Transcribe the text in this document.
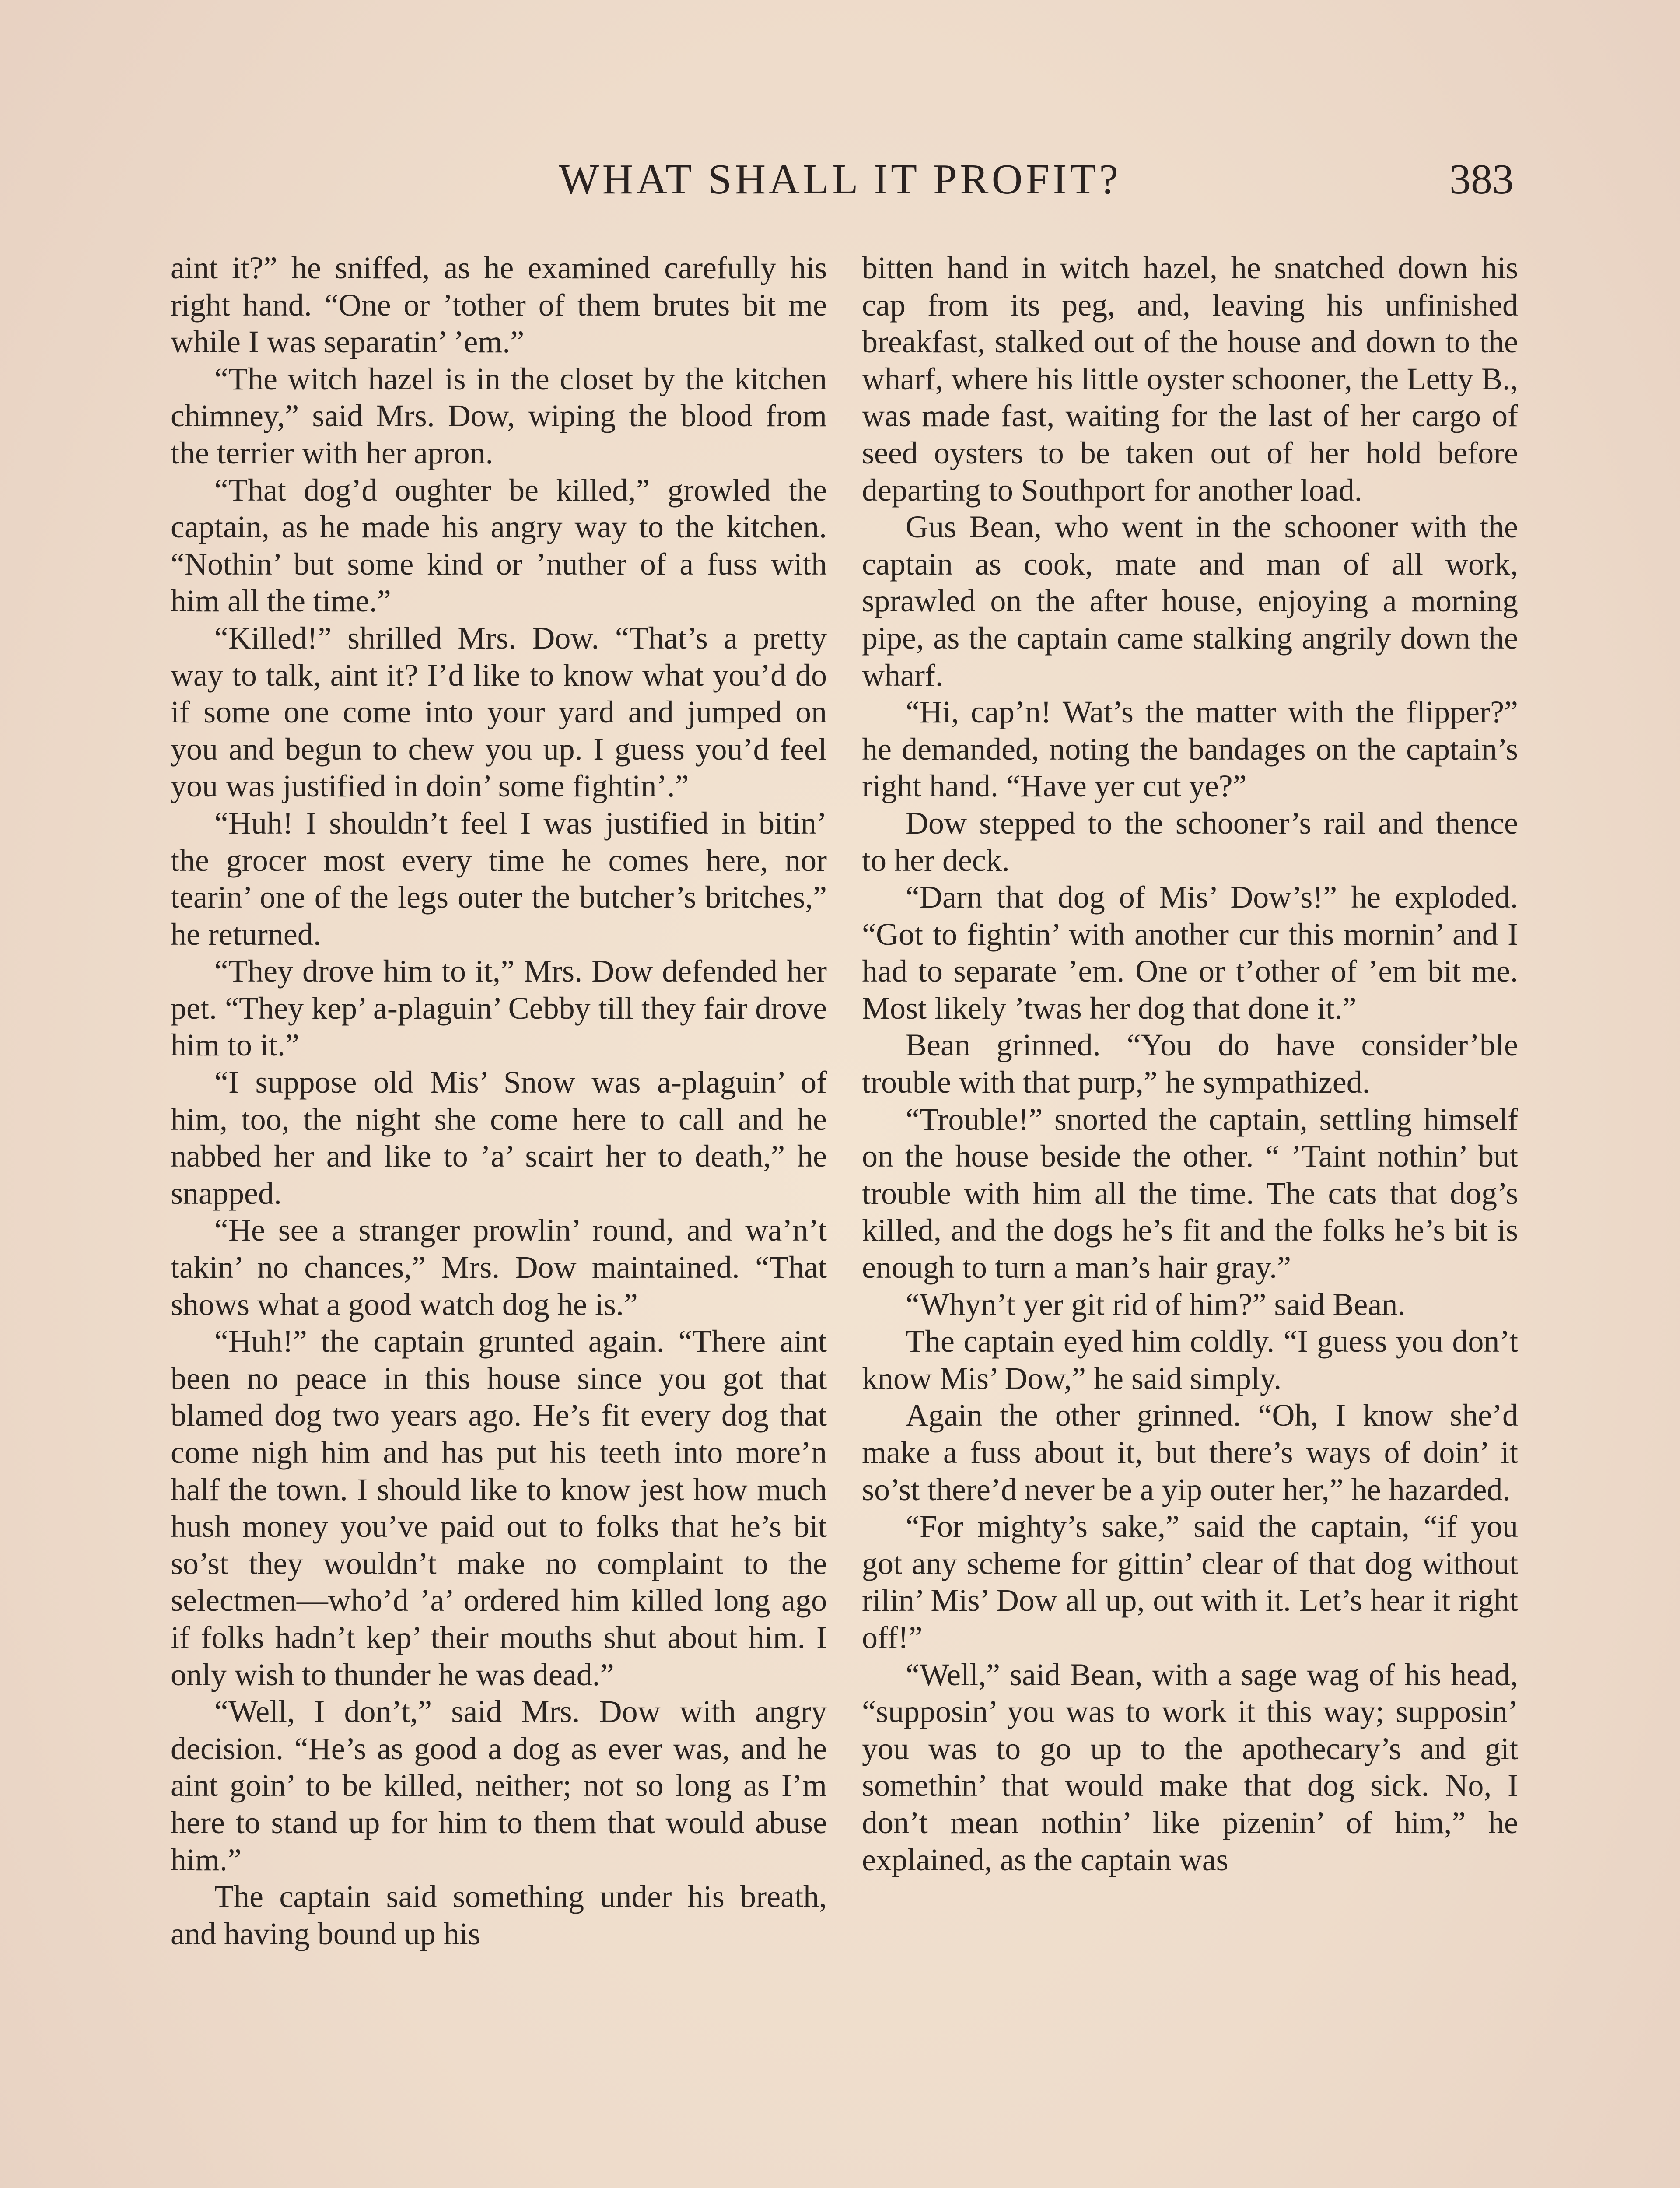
WHAT SHALL IT PROFIT?	383

aint it?” he sniffed, as he examined carefully his right hand. “One or ’tother of them brutes bit me while I was separatin’ ’em.”

“The witch hazel is in the closet by the kitchen chimney,” said Mrs. Dow, wiping the blood from the terrier with her apron.

“That dog’d oughter be killed,” growled the captain, as he made his angry way to the kitchen. “Nothin’ but some kind or ’nuther of a fuss with him all the time.”

“Killed!” shrilled Mrs. Dow. “That’s a pretty way to talk, aint it? I’d like to know what you’d do if some one come into your yard and jumped on you and begun to chew you up. I guess you’d feel you was justified in doin’ some fightin’.”

“Huh! I shouldn’t feel I was justified in bitin’ the grocer most every time he comes here, nor tearin’ one of the legs outer the butcher’s britches,” he returned.

“They drove him to it,” Mrs. Dow defended her pet. “They kep’ a-plaguin’ Cebby till they fair drove him to it.”

“I suppose old Mis’ Snow was a-plaguin’ of him, too, the night she come here to call and he nabbed her and like to ’a’ scairt her to death,” he snapped.

“He see a stranger prowlin’ round, and wa’n’t takin’ no chances,” Mrs. Dow maintained. “That shows what a good watch dog he is.”

“Huh!” the captain grunted again. “There aint been no peace in this house since you got that blamed dog two years ago. He’s fit every dog that come nigh him and has put his teeth into more’n half the town. I should like to know jest how much hush money you’ve paid out to folks that he’s bit so’st they wouldn’t make no complaint to the selectmen—who’d ’a’ ordered him killed long ago if folks hadn’t kep’ their mouths shut about him. I only wish to thunder he was dead.”

“Well, I don’t,” said Mrs. Dow with angry decision. “He’s as good a dog as ever was, and he aint goin’ to be killed, neither; not so long as I’m here to stand up for him to them that would abuse him.”

The captain said something under his breath, and having bound up his

bitten hand in witch hazel, he snatched down his cap from its peg, and, leaving his unfinished breakfast, stalked out of the house and down to the wharf, where his little oyster schooner, the Letty B., was made fast, waiting for the last of her cargo of seed oysters to be taken out of her hold before departing to Southport for another load.

Gus Bean, who went in the schooner with the captain as cook, mate and man of all work, sprawled on the after house, enjoying a morning pipe, as the captain came stalking angrily down the wharf.

“Hi, cap’n! Wat’s the matter with the flipper?” he demanded, noting the bandages on the captain’s right hand. “Have yer cut ye?”

Dow stepped to the schooner’s rail and thence to her deck.

“Darn that dog of Mis’ Dow’s!” he exploded. “Got to fightin’ with another cur this mornin’ and I had to separate ’em. One or t’other of ’em bit me. Most likely ’twas her dog that done it.”

Bean grinned. “You do have consider’ble trouble with that purp,” he sympathized.

“Trouble!” snorted the captain, settling himself on the house beside the other. “ ’Taint nothin’ but trouble with him all the time. The cats that dog’s killed, and the dogs he’s fit and the folks he’s bit is enough to turn a man’s hair gray.”

“Whyn’t yer git rid of him?” said Bean.

The captain eyed him coldly. “I guess you don’t know Mis’ Dow,” he said simply.

Again the other grinned. “Oh, I know she’d make a fuss about it, but there’s ways of doin’ it so’st there’d never be a yip outer her,” he hazarded.

“For mighty’s sake,” said the captain, “if you got any scheme for gittin’ clear of that dog without rilin’ Mis’ Dow all up, out with it. Let’s hear it right off!”

“Well,” said Bean, with a sage wag of his head, “supposin’ you was to work it this way; supposin’ you was to go up to the apothecary’s and git somethin’ that would make that dog sick. No, I don’t mean nothin’ like pizenin’ of him,” he explained, as the captain was
